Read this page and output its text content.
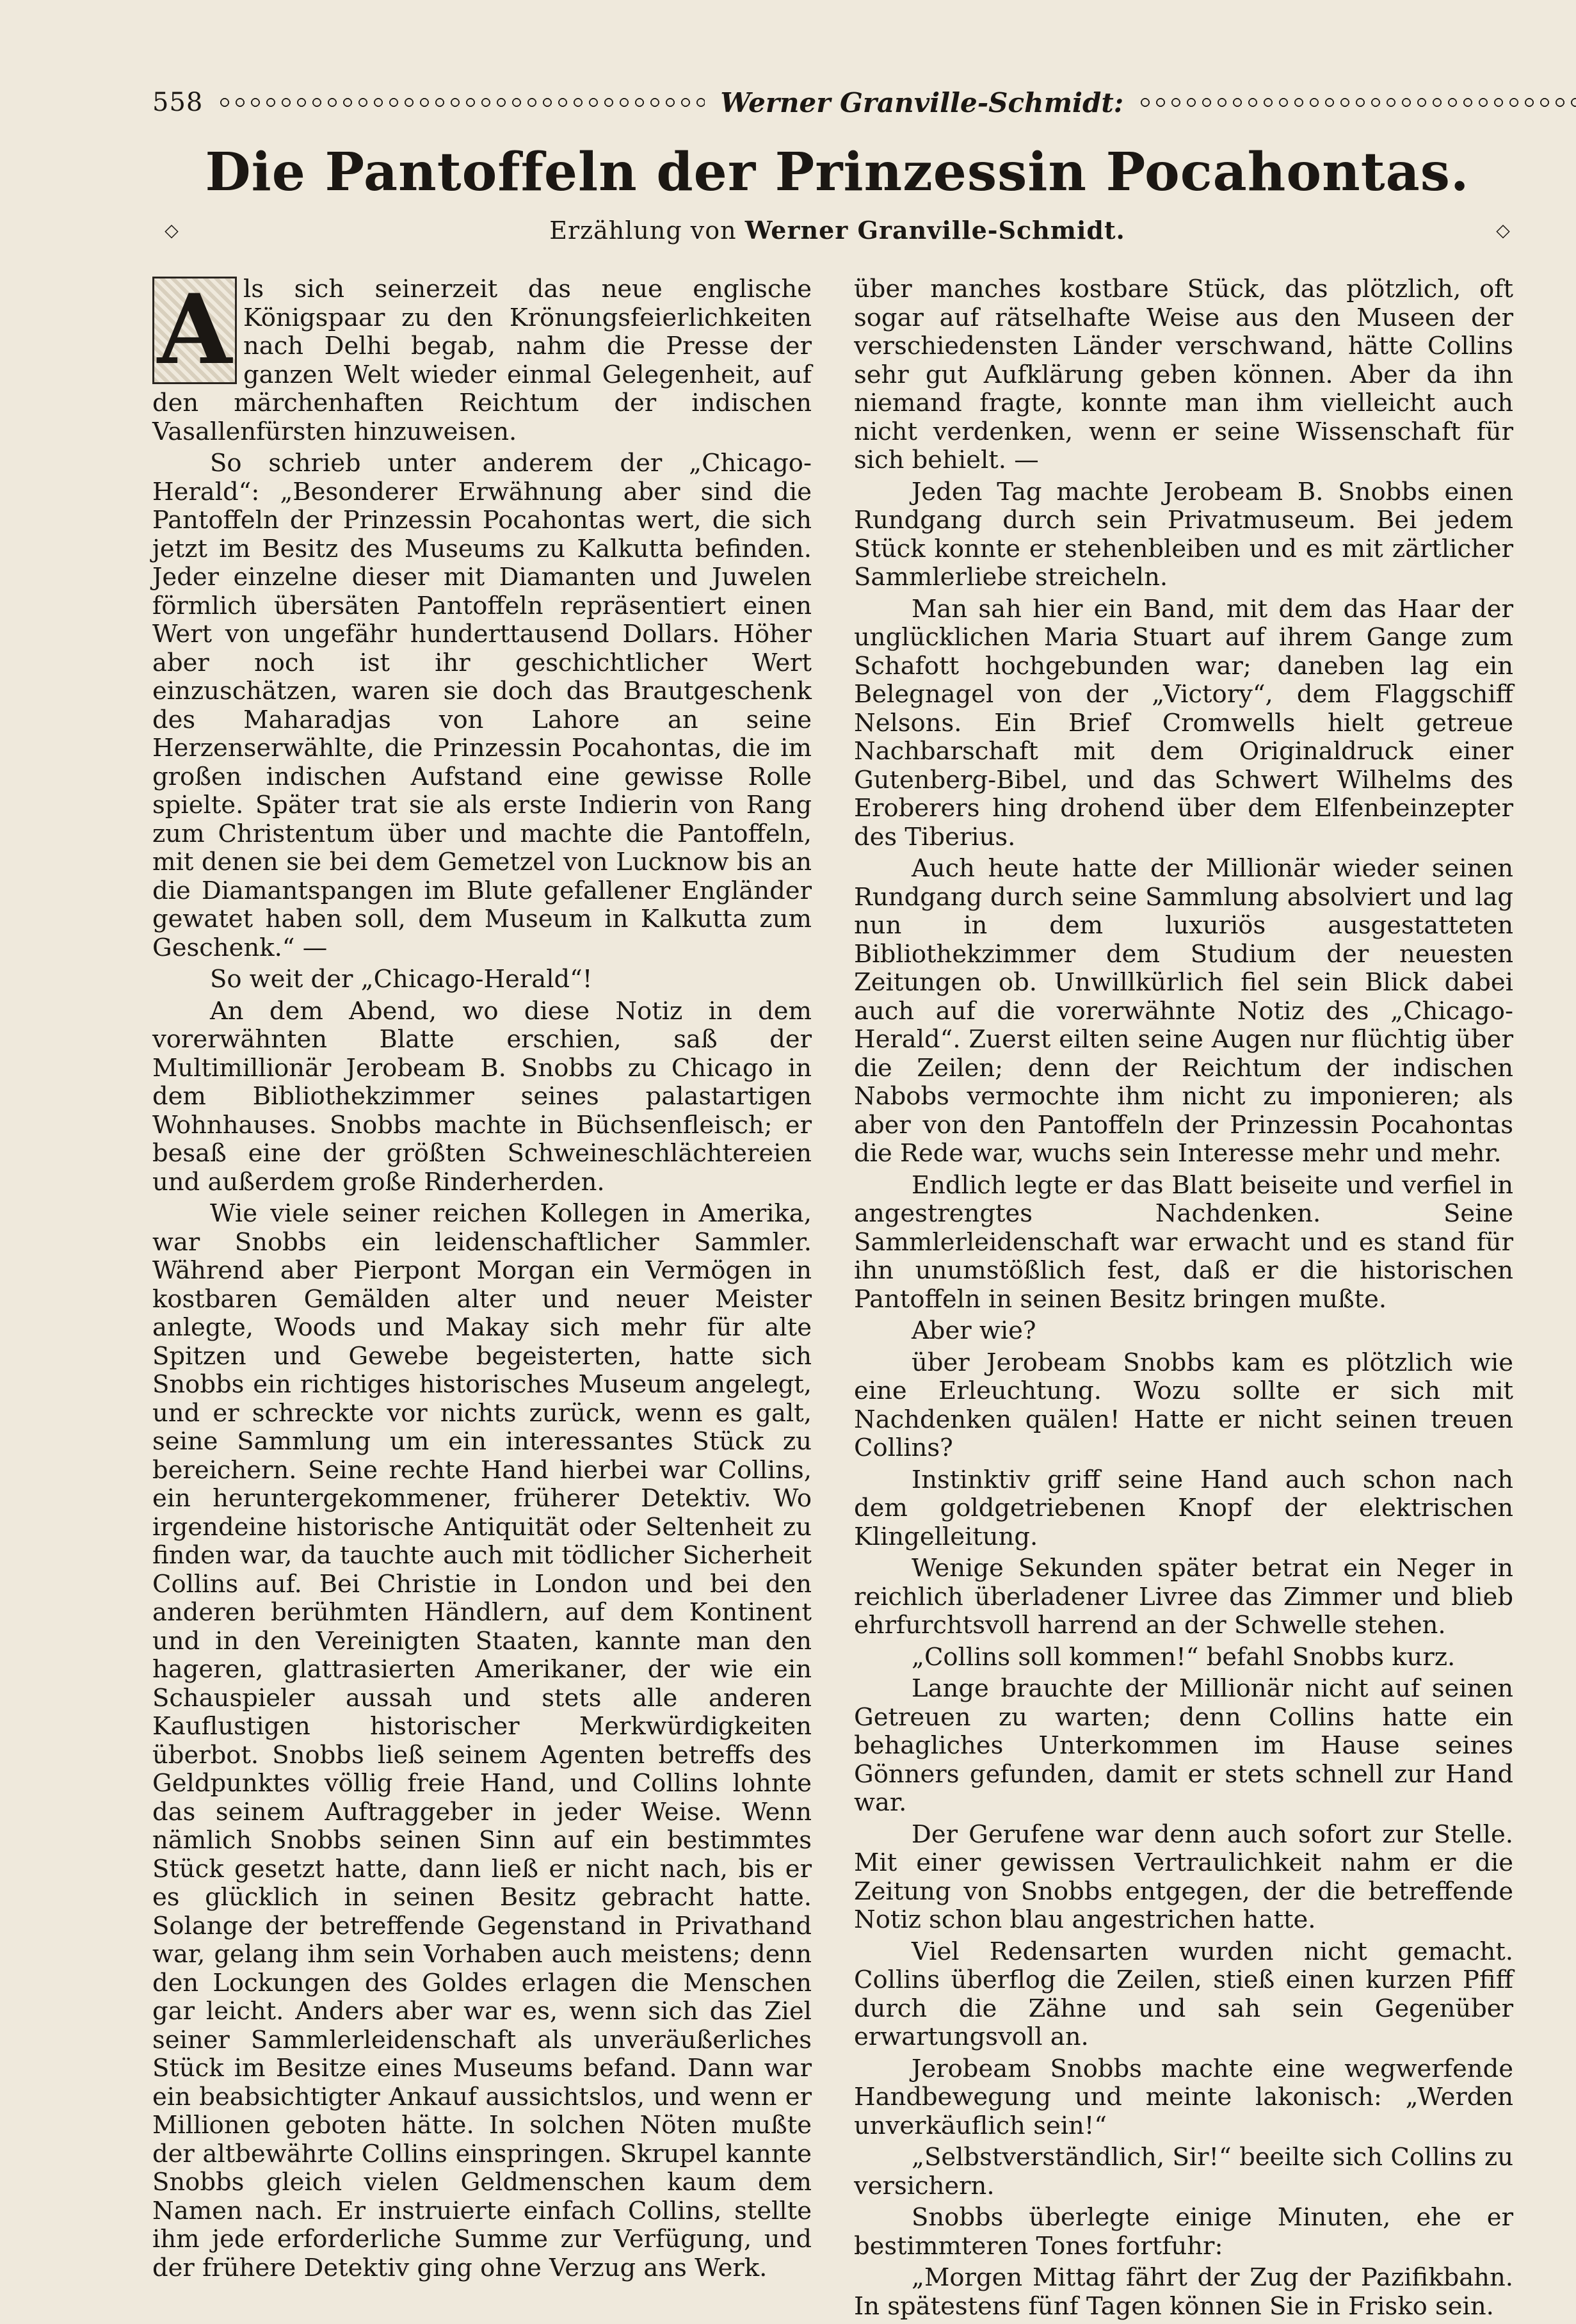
558	Werner Granville-Schmidt:
Die Pantoffeln der Prinzessin Pocahontas.
◇	Erzählung von Werner Granville-Schmidt.	◇

A ls sich seinerzeit das neue englische Königspaar zu den Krönungsfeierlichkeiten nach Delhi begab, nahm die Presse der ganzen Welt wieder einmal Gelegenheit, auf den märchenhaften Reichtum der indischen Vasallenfürsten hinzuweisen.

So schrieb unter anderem der „Chicago-Herald“: „Besonderer Erwähnung aber sind die Pantoffeln der Prinzessin Pocahontas wert, die sich jetzt im Besitz des Museums zu Kalkutta befinden. Jeder einzelne dieser mit Diamanten und Juwelen förmlich übersäten Pantoffeln repräsentiert einen Wert von ungefähr hunderttausend Dollars. Höher aber noch ist ihr geschichtlicher Wert einzuschätzen, waren sie doch das Brautgeschenk des Maharadjas von Lahore an seine Herzenserwählte, die Prinzessin Pocahontas, die im großen indischen Aufstand eine gewisse Rolle spielte. Später trat sie als erste Indierin von Rang zum Christentum über und machte die Pantoffeln, mit denen sie bei dem Gemetzel von Lucknow bis an die Diamantspangen im Blute gefallener Engländer gewatet haben soll, dem Museum in Kalkutta zum Geschenk.“ —

So weit der „Chicago-Herald“!

An dem Abend, wo diese Notiz in dem vorerwähnten Blatte erschien, saß der Multimillionär Jerobeam B. Snobbs zu Chicago in dem Bibliothekzimmer seines palastartigen Wohnhauses. Snobbs machte in Büchsenfleisch; er besaß eine der größten Schweineschlächtereien und außerdem große Rinderherden.

Wie viele seiner reichen Kollegen in Amerika, war Snobbs ein leidenschaftlicher Sammler. Während aber Pierpont Morgan ein Vermögen in kostbaren Gemälden alter und neuer Meister anlegte, Woods und Makay sich mehr für alte Spitzen und Gewebe begeisterten, hatte sich Snobbs ein richtiges historisches Museum angelegt, und er schreckte vor nichts zurück, wenn es galt, seine Sammlung um ein interessantes Stück zu bereichern. Seine rechte Hand hierbei war Collins, ein heruntergekommener, früherer Detektiv. Wo irgendeine historische Antiquität oder Seltenheit zu finden war, da tauchte auch mit tödlicher Sicherheit Collins auf. Bei Christie in London und bei den anderen berühmten Händlern, auf dem Kontinent und in den Vereinigten Staaten, kannte man den hageren, glattrasierten Amerikaner, der wie ein Schauspieler aussah und stets alle anderen Kauflustigen historischer Merkwürdigkeiten überbot. Snobbs ließ seinem Agenten betreffs des Geldpunktes völlig freie Hand, und Collins lohnte das seinem Auftraggeber in jeder Weise. Wenn nämlich Snobbs seinen Sinn auf ein bestimmtes Stück gesetzt hatte, dann ließ er nicht nach, bis er es glücklich in seinen Besitz gebracht hatte. Solange der betreffende Gegenstand in Privathand war, gelang ihm sein Vorhaben auch meistens; denn den Lockungen des Goldes erlagen die Menschen gar leicht. Anders aber war es, wenn sich das Ziel seiner Sammlerleidenschaft als unveräußerliches Stück im Besitze eines Museums befand. Dann war ein beabsichtigter Ankauf aussichtslos, und wenn er Millionen geboten hätte. In solchen Nöten mußte der altbewährte Collins einspringen. Skrupel kannte Snobbs gleich vielen Geldmenschen kaum dem Namen nach. Er instruierte einfach Collins, stellte ihm jede erforderliche Summe zur Verfügung, und der frühere Detektiv ging ohne Verzug ans Werk.

über manches kostbare Stück, das plötzlich, oft sogar auf rätselhafte Weise aus den Museen der verschiedensten Länder verschwand, hätte Collins sehr gut Aufklärung geben können. Aber da ihn niemand fragte, konnte man ihm vielleicht auch nicht verdenken, wenn er seine Wissenschaft für sich behielt. —

Jeden Tag machte Jerobeam B. Snobbs einen Rundgang durch sein Privatmuseum. Bei jedem Stück konnte er stehenbleiben und es mit zärtlicher Sammlerliebe streicheln.

Man sah hier ein Band, mit dem das Haar der unglücklichen Maria Stuart auf ihrem Gange zum Schafott hochgebunden war; daneben lag ein Belegnagel von der „Victory“, dem Flaggschiff Nelsons. Ein Brief Cromwells hielt getreue Nachbarschaft mit dem Originaldruck einer Gutenberg-Bibel, und das Schwert Wilhelms des Eroberers hing drohend über dem Elfenbeinzepter des Tiberius.

Auch heute hatte der Millionär wieder seinen Rundgang durch seine Sammlung absolviert und lag nun in dem luxuriös ausgestatteten Bibliothekzimmer dem Studium der neuesten Zeitungen ob. Unwillkürlich fiel sein Blick dabei auch auf die vorerwähnte Notiz des „Chicago-Herald“. Zuerst eilten seine Augen nur flüchtig über die Zeilen; denn der Reichtum der indischen Nabobs vermochte ihm nicht zu imponieren; als aber von den Pantoffeln der Prinzessin Pocahontas die Rede war, wuchs sein Interesse mehr und mehr.

Endlich legte er das Blatt beiseite und verfiel in angestrengtes Nachdenken. Seine Sammlerleidenschaft war erwacht und es stand für ihn unumstößlich fest, daß er die historischen Pantoffeln in seinen Besitz bringen mußte.

Aber wie?

über Jerobeam Snobbs kam es plötzlich wie eine Erleuchtung. Wozu sollte er sich mit Nachdenken quälen! Hatte er nicht seinen treuen Collins?

Instinktiv griff seine Hand auch schon nach dem goldgetriebenen Knopf der elektrischen Klingelleitung.

Wenige Sekunden später betrat ein Neger in reichlich überladener Livree das Zimmer und blieb ehrfurchtsvoll harrend an der Schwelle stehen.

„Collins soll kommen!“ befahl Snobbs kurz.

Lange brauchte der Millionär nicht auf seinen Getreuen zu warten; denn Collins hatte ein behagliches Unterkommen im Hause seines Gönners gefunden, damit er stets schnell zur Hand war.

Der Gerufene war denn auch sofort zur Stelle. Mit einer gewissen Vertraulichkeit nahm er die Zeitung von Snobbs entgegen, der die betreffende Notiz schon blau angestrichen hatte.

Viel Redensarten wurden nicht gemacht. Collins überflog die Zeilen, stieß einen kurzen Pfiff durch die Zähne und sah sein Gegenüber erwartungsvoll an.

Jerobeam Snobbs machte eine wegwerfende Handbewegung und meinte lakonisch: „Werden unverkäuflich sein!“

„Selbstverständlich, Sir!“ beeilte sich Collins zu versichern.

Snobbs überlegte einige Minuten, ehe er bestimmteren Tones fortfuhr:

„Morgen Mittag fährt der Zug der Pazifikbahn. In spätestens fünf Tagen können Sie in Frisko sein.
